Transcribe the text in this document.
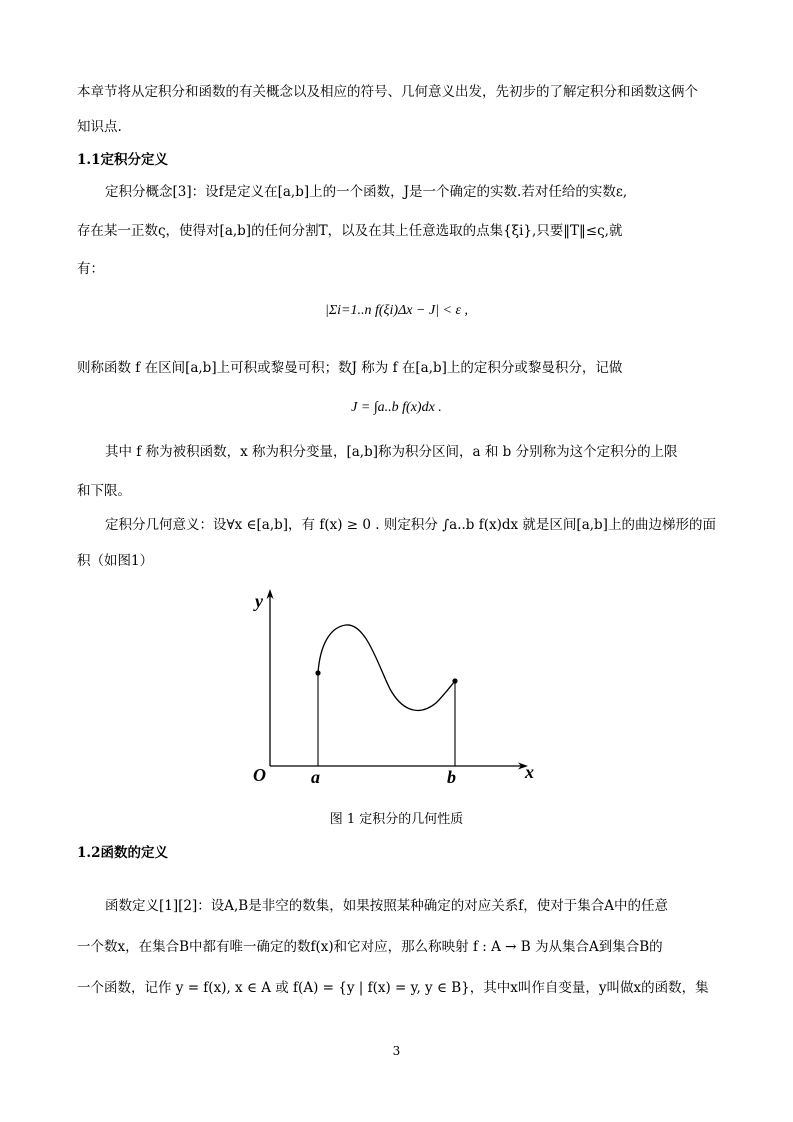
本章节将从定积分和函数的有关概念以及相应的符号、几何意义出发，先初步的了解定积分和函数这俩个
知识点.
1.1定积分定义
定积分概念[3]：设f是定义在[a,b]上的一个函数，J是一个确定的实数.若对任给的实数ε,
存在某一正数ς，使得对[a,b]的任何分割T，以及在其上任意选取的点集{ξi},只要‖T‖≤ς,就
有：
|Σi=1..n f(ξi)Δx − J| < ε ,
则称函数 f 在区间[a,b]上可积或黎曼可积；数J 称为 f 在[a,b]上的定积分或黎曼积分，记做
J = ∫a..b f(x)dx .
其中 f 称为被积函数，x 称为积分变量，[a,b]称为积分区间，a 和 b 分别称为这个定积分的上限
和下限。
定积分几何意义：设∀x ∈[a,b]，有 f(x) ≥ 0 . 则定积分 ∫a..b f(x)dx 就是区间[a,b]上的曲边梯形的面
积（如图1）
y
x
O	a	b
图 1 定积分的几何性质
1.2函数的定义
函数定义[1][2]：设A,B是非空的数集，如果按照某种确定的对应关系f，使对于集合A中的任意
一个数x，在集合B中都有唯一确定的数f(x)和它对应，那么称映射 f : A → B 为从集合A到集合B的
一个函数，记作 y = f(x), x ∈ A 或 f(A) = {y | f(x) = y, y ∈ B}，其中x叫作自变量，y叫做x的函数，集
3
